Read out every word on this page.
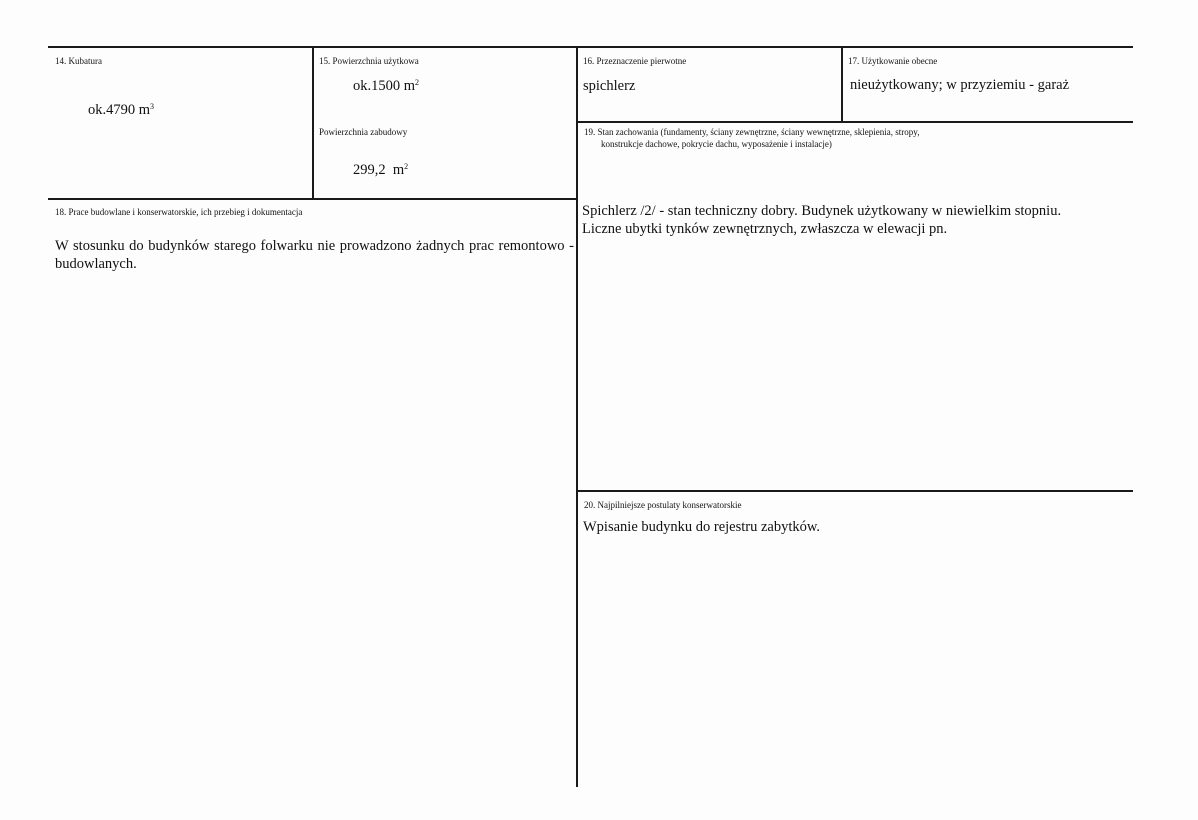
14. Kubatura
ok.4790 $m^3$
15. Powierzchnia użytkowa
ok.1500 $m^2$
Powierzchnia zabudowy
299,2  $m^2$
16. Przeznaczenie pierwotne
spichlerz
17. Użytkowanie obecne
nieużytkowany; w przyziemiu - garaż
19. Stan zachowania (fundamenty, ściany zewnętrzne, ściany wewnętrzne, sklepienia, stropy,
konstrukcje dachowe, pokrycie dachu, wyposażenie i instalacje)
Spichlerz /2/ - stan techniczny dobry. Budynek użytkowany w niewielkim stopniu. Liczne ubytki tynków zewnętrznych, zwłaszcza w elewacji pn.
18. Prace budowlane i konserwatorskie, ich przebieg i dokumentacja
W stosunku do budynków starego folwarku nie prowadzono żadnych prac remontowo - budowlanych.
20. Najpilniejsze postulaty konserwatorskie
Wpisanie budynku do rejestru zabytków.
